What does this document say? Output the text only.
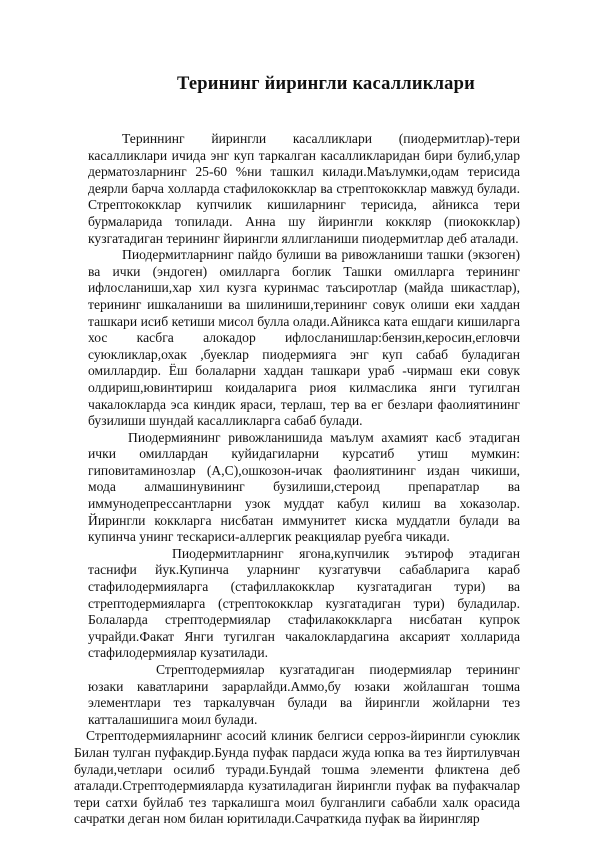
Терининг йирингли касалликлари

Териннинг йирингли касалликлари (пиодермитлар)-тери касалликлари ичида энг куп таркалган касалликларидан бири булиб,улар дерматозларнинг 25-60 %ни ташкил килади.Маълумки,одам терисида деярли барча холларда стафилококклар ва стрептококклар мавжуд булади. Стрептококклар купчилик кишиларнинг терисида, айникса тери бурмаларида топилади. Анна шу йирингли коккляр (пиококклар) кузгатадиган терининг йирингли яллигланиши пиодермитлар деб аталади.

Пиодермитларнинг пайдо булиши ва ривожланиши ташки (экзоген) ва ички (эндоген) омилларга боглик Ташки омилларга терининг ифлосланиши,хар хил кузга куринмас таъсиротлар (майда шикастлар), терининг ишкаланиши ва шилиниши,терининг совук олиши еки хаддан ташкари исиб кетиши мисол булла олади.Айникса ката ешдаги кишиларга хос касбга алокадор ифлосланишлар:бензин,керосин,еглoвчи суюкликлар,охак ,буеклар пиодермияга энг куп сабаб буладиган омиллардир. Ёш болаларни хаддан ташкари ураб -чирмаш еки совук олдириш,ювинтириш коидаларига риоя килмаслика янги тугилган чакалокларда эса киндик яраси, терлаш, тер ва ег безлари фаолиятининг бузилиши шундай касалликларга сабаб булади.

Пиодермиянинг ривожланишида маълум ахамият касб этадиган ички омиллардан куйидагиларни курсатиб утиш мумкин: гиповитаминозлар (А,С),ошкозон-ичак фаолиятининг издан чикиши, мода алмашинувининг бузилиши,стероид препаратлар ва иммунодепрессантларни узок муддат кабул килиш ва хоказолар. Йирингли коккларга нисбатан иммунитет киска муддатли булади ва купинча унинг тескариси-аллергик реакциялар руебга чикади.

Пиодермитларнинг ягона,купчилик эътироф этадиган таснифи йук.Купинча уларнинг кузгатувчи сабабларига караб стафилодермияларга (стафиллакокклар кузгатадиган тури) ва стрептодермияларга (стрептококклар кузгатадиган тури) буладилар. Болаларда стрептодермиялар стафилакоккларга нисбатан купрок учрайди.Факат Янги тугилган чакалоклардагина аксарият холларида стафилодермиялар кузатилади.

Стрептодермиялар кузгатадиган пиодермиялар терининг юзаки каватларини зарарлайди.Аммо,бу юзаки жойлашган тошма элементлари тез таркалувчан булади ва йирингли жойларни тез катталашишига моил булади.

Стрептодермияларнинг асосий клиник белгиси серроз-йирингли суюклик Билан тулган пуфакдир.Бунда пуфак пардаси жуда юпка ва тез йиртилувчан булади,четлари осилиб туради.Бундай тошма элементи фликтена деб аталади.Стрептодермияларда кузатиладиган йирингли пуфак ва пуфакчалар тери сатхи буйлаб тез таркалишга моил булганлиги сабабли халк орасида сачратки деган ном билан юритилади.Сачраткида пуфак ва йирингляр
